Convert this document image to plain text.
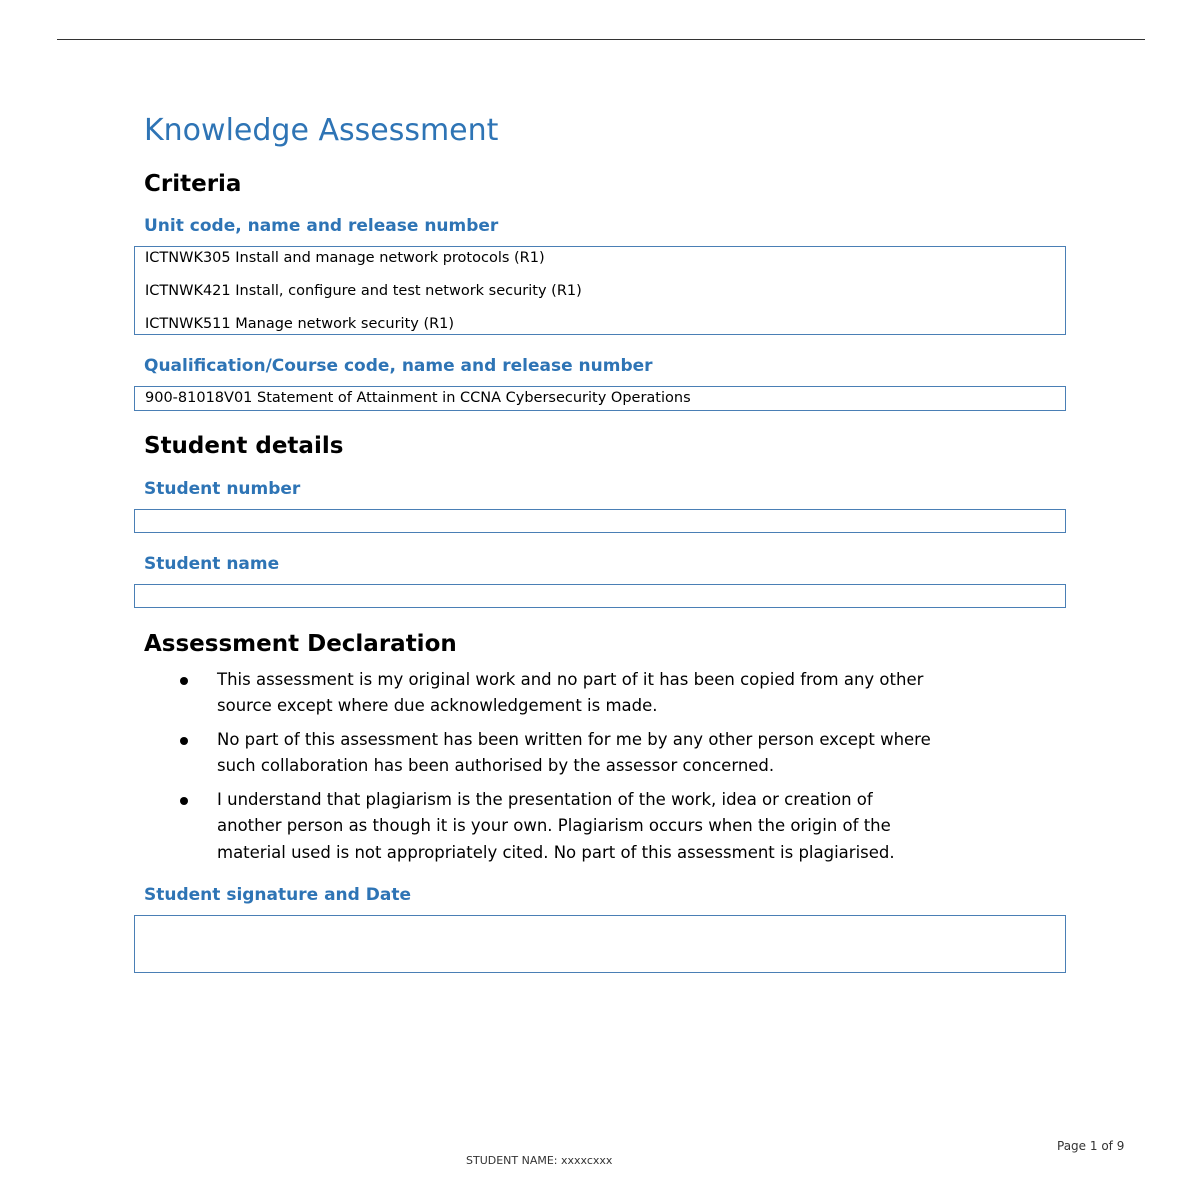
Knowledge Assessment
Criteria
Unit code, name and release number
ICTNWK305 Install and manage network protocols (R1)
ICTNWK421 Install, configure and test network security (R1)
ICTNWK511 Manage network security (R1)
Qualification/Course code, name and release number
900-81018V01 Statement of Attainment in CCNA Cybersecurity Operations
Student details
Student number
Student name
Assessment Declaration
This assessment is my original work and no part of it has been copied from any other
source except where due acknowledgement is made.
No part of this assessment has been written for me by any other person except where
such collaboration has been authorised by the assessor concerned.
I understand that plagiarism is the presentation of the work, idea or creation of
another person as though it is your own. Plagiarism occurs when the origin of the
material used is not appropriately cited. No part of this assessment is plagiarised.
Student signature and Date
Page 1 of 9
STUDENT NAME: xxxxcxxx
